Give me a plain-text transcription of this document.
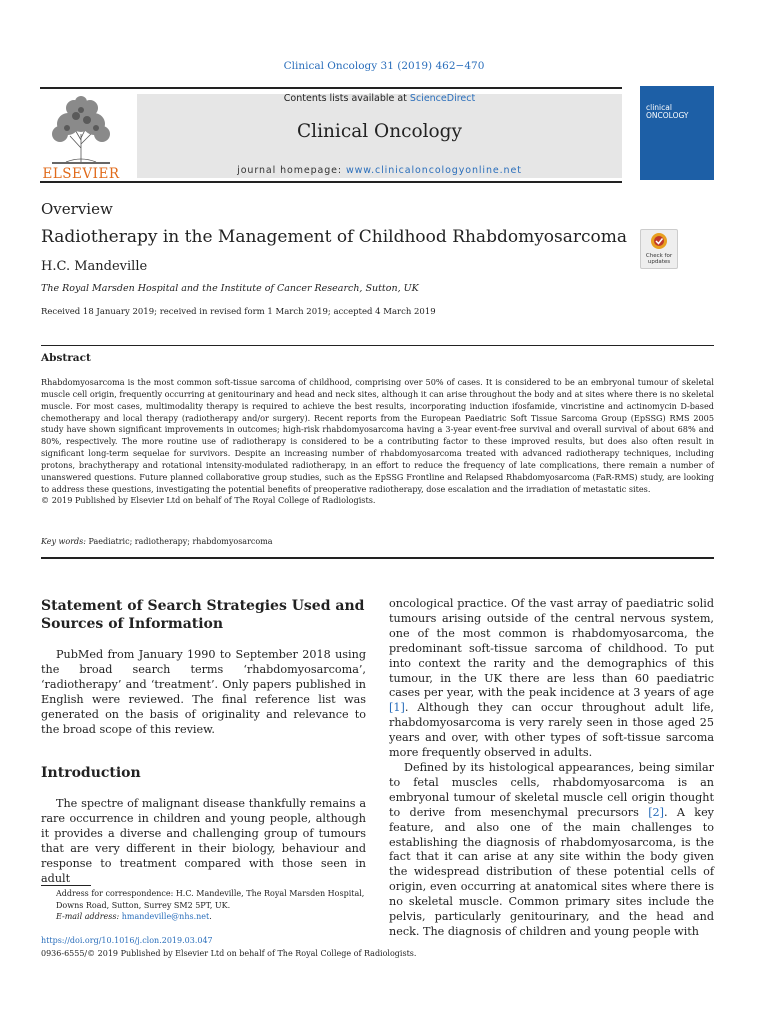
Clinical Oncology 31 (2019) 462−470
Contents lists available at ScienceDirect
Clinical Oncology
journal homepage: www.clinicaloncologyonline.net
ELSEVIER
clinical
ONCOLOGY
Overview
Radiotherapy in the Management of Childhood Rhabdomyosarcoma
Check for updates
H.C. Mandeville
The Royal Marsden Hospital and the Institute of Cancer Research, Sutton, UK
Received 18 January 2019; received in revised form 1 March 2019; accepted 4 March 2019
Abstract

Rhabdomyosarcoma is the most common soft-tissue sarcoma of childhood, comprising over 50% of cases. It is considered to be an embryonal tumour of skeletal muscle cell origin, frequently occurring at genitourinary and head and neck sites, although it can arise throughout the body and at sites where there is no skeletal muscle. For most cases, multimodality therapy is required to achieve the best results, incorporating induction ifosfamide, vincristine and actinomycin D-based chemotherapy and local therapy (radiotherapy and/or surgery). Recent reports from the European Paediatric Soft Tissue Sarcoma Group (EpSSG) RMS 2005 study have shown significant improvements in outcomes; high-risk rhabdomyosarcoma having a 3-year event-free survival and overall survival of about 68% and 80%, respectively. The more routine use of radiotherapy is considered to be a contributing factor to these improved results, but does also often result in significant long-term sequelae for survivors. Despite an increasing number of rhabdomyosarcoma treated with advanced radiotherapy techniques, including protons, brachytherapy and rotational intensity-modulated radiotherapy, in an effort to reduce the frequency of late complications, there remain a number of unanswered questions. Future planned collaborative group studies, such as the EpSSG Frontline and Relapsed Rhabdomyosarcoma (FaR-RMS) study, are looking to address these questions, investigating the potential benefits of preoperative radiotherapy, dose escalation and the irradiation of metastatic sites.

© 2019 Published by Elsevier Ltd on behalf of The Royal College of Radiologists.

Key words: Paediatric; radiotherapy; rhabdomyosarcoma
Statement of Search Strategies Used and Sources of Information

PubMed from January 1990 to September 2018 using the broad search terms ‘rhabdomyosarcoma’, ‘radiotherapy’ and ‘treatment’. Only papers published in English were reviewed. The final reference list was generated on the basis of originality and relevance to the broad scope of this review.

Introduction

The spectre of malignant disease thankfully remains a rare occurrence in children and young people, although it provides a diverse and challenging group of tumours that are very different in their biology, behaviour and response to treatment compared with those seen in adult

oncological practice. Of the vast array of paediatric solid tumours arising outside of the central nervous system, one of the most common is rhabdomyosarcoma, the predominant soft-tissue sarcoma of childhood. To put into context the rarity and the demographics of this tumour, in the UK there are less than 60 paediatric cases per year, with the peak incidence at 3 years of age [1]. Although they can occur throughout adult life, rhabdomyosarcoma is very rarely seen in those aged 25 years and over, with other types of soft-tissue sarcoma more frequently observed in adults.

Defined by its histological appearances, being similar to fetal muscles cells, rhabdomyosarcoma is an embryonal tumour of skeletal muscle cell origin thought to derive from mesenchymal precursors [2]. A key feature, and also one of the main challenges to establishing the diagnosis of rhabdomyosarcoma, is the fact that it can arise at any site within the body given the widespread distribution of these potential cells of origin, even occurring at anatomical sites where there is no skeletal muscle. Common primary sites include the pelvis, particularly genitourinary, and the head and neck. The diagnosis of children and young people with

Address for correspondence: H.C. Mandeville, The Royal Marsden Hospital, Downs Road, Sutton, Surrey SM2 5PT, UK.

E-mail address: hmandeville@nhs.net.

https://doi.org/10.1016/j.clon.2019.03.047
0936-6555/© 2019 Published by Elsevier Ltd on behalf of The Royal College of Radiologists.
